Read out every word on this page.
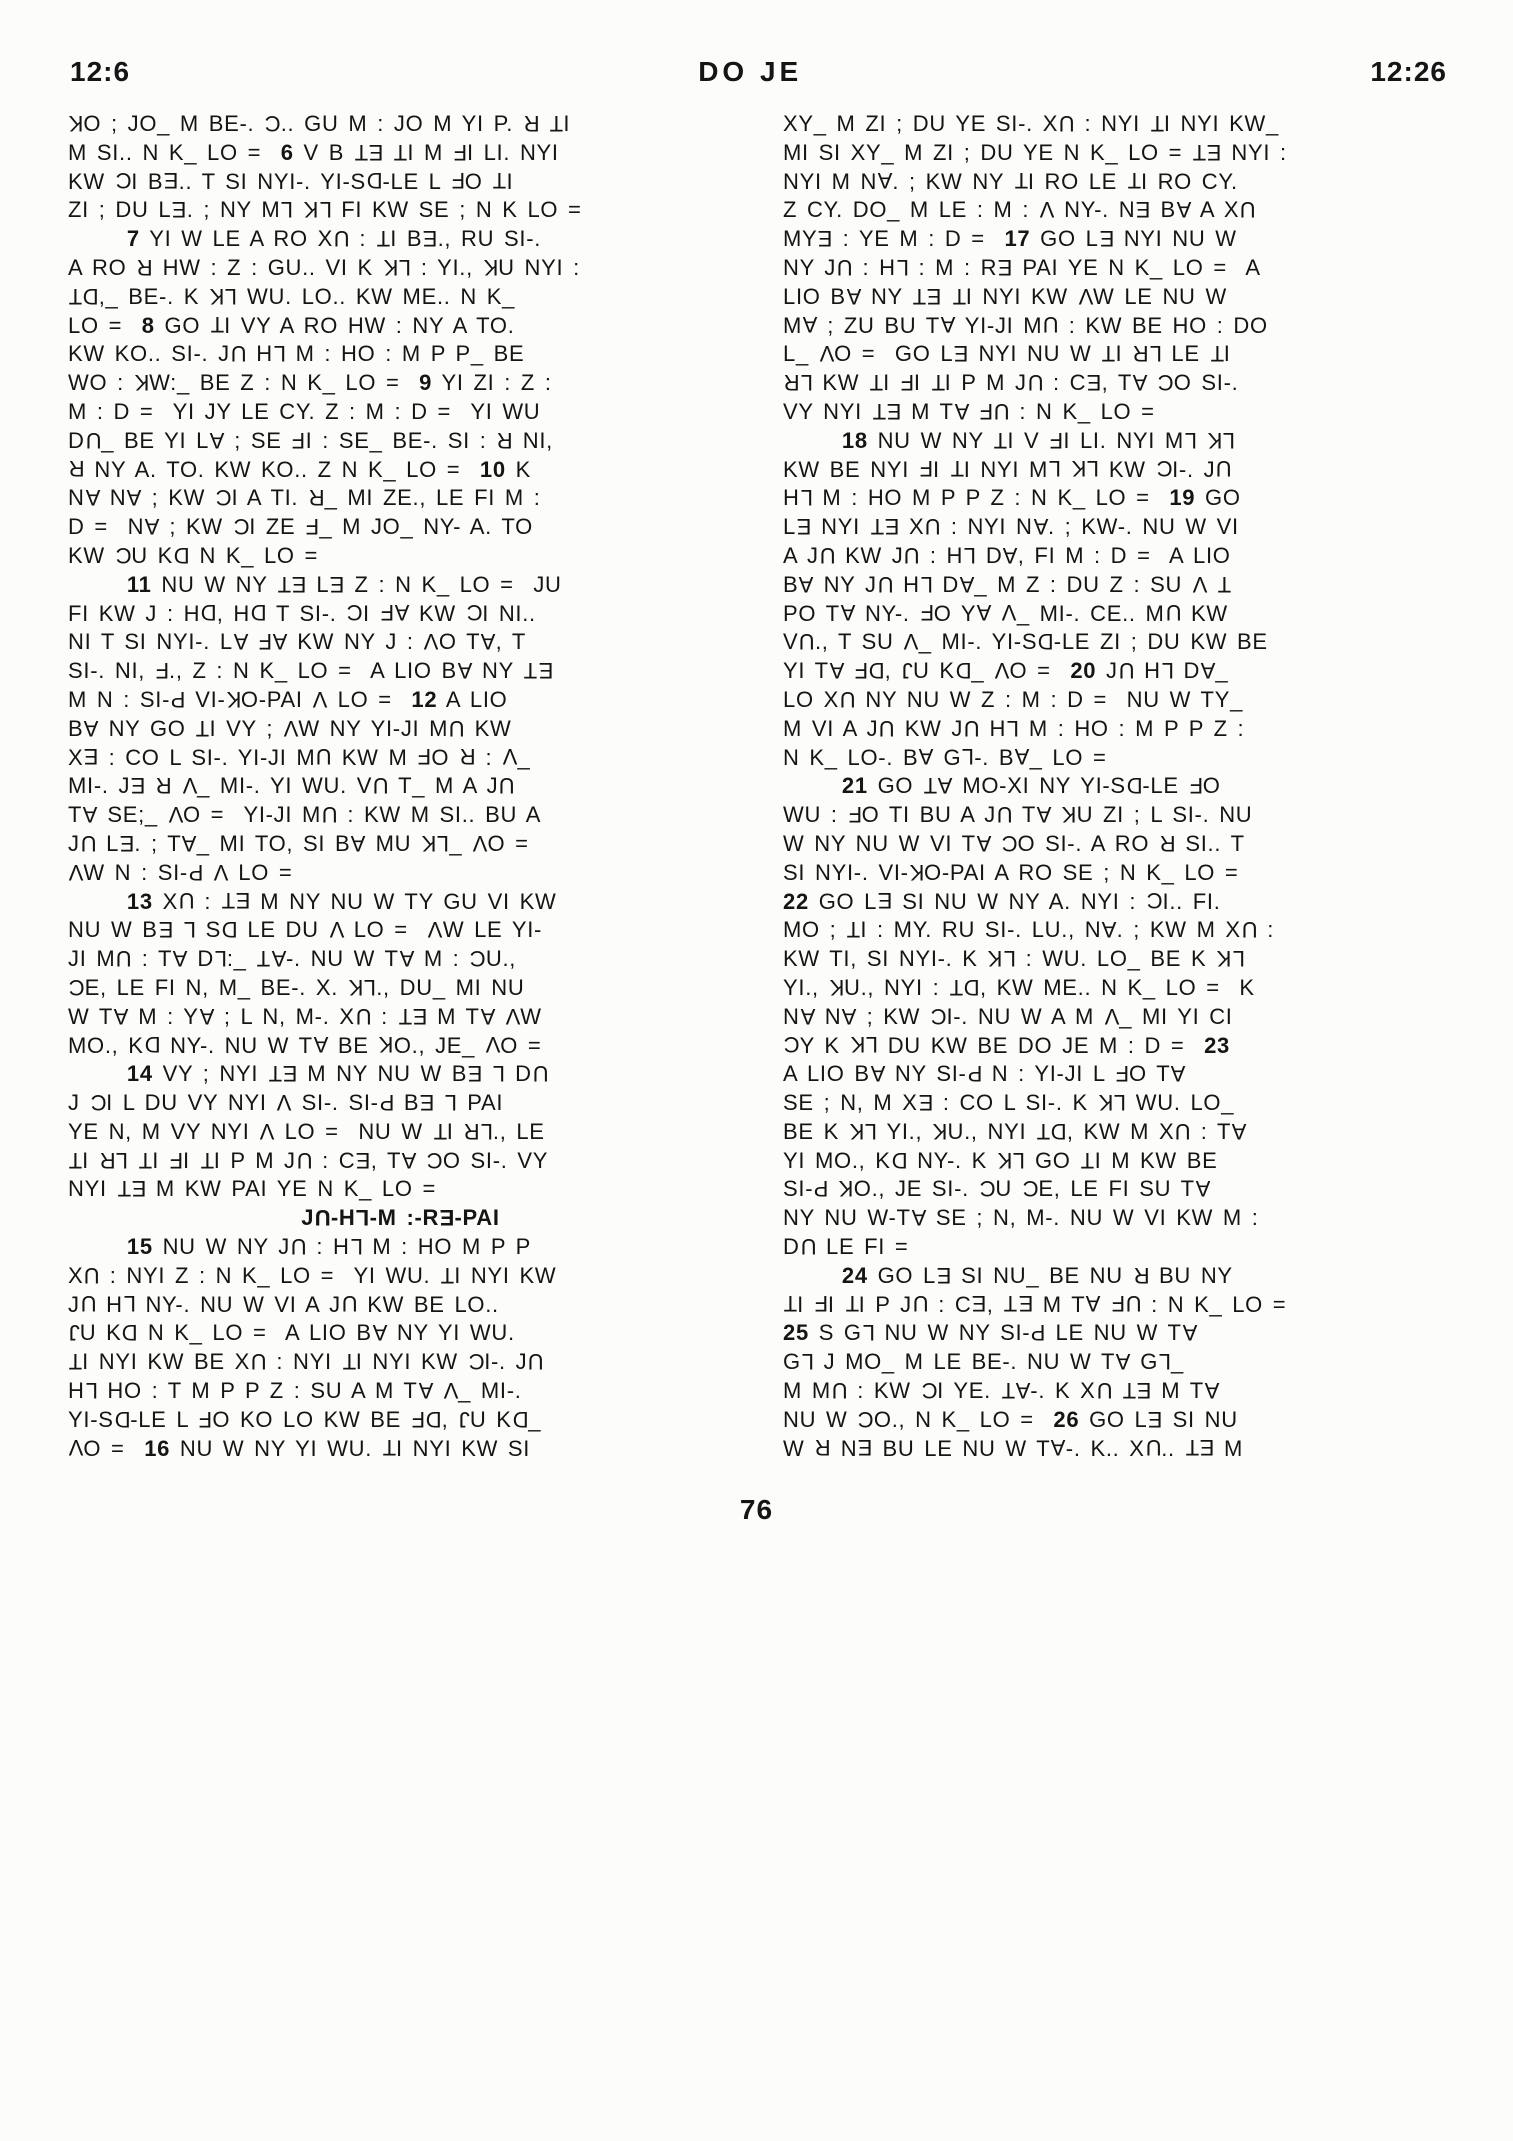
12:6	DO JE	12:26
KO ; JO_ M BE-. C.. GU M : JO M YI P. R TI
M SI.. N K_ LO = 6 V B TE TI M FI LI. NYI
KW CI BE.. T SI NYI-. YI-SD-LE L FO TI
ZI ; DU LE. ; NY ML KL FI KW SE ; N K LO =
7 YI W LE A RO XU : TI BE., RU SI-.
A RO R HW : Z : GU.. VI K KL : YI., KU NYI :
TD,_ BE-. K KL WU. LO.. KW ME.. N K_
LO = 8 GO TI VY A RO HW : NY A TO.
KW KO.. SI-. JU HL M : HO : M P P_ BE
WO : KW:_ BE Z : N K_ LO = 9 YI ZI : Z :
M : D = YI JY LE CY. Z : M : D = YI WU
DU_ BE YI LA ; SE FI : SE_ BE-. SI : R NI,
R NY A. TO. KW KO.. Z N K_ LO = 10 K
NA NA ; KW CI A TI. R_ MI ZE., LE FI M :
D = NA ; KW CI ZE F_ M JO_ NY- A. TO
KW CU KD N K_ LO =
11 NU W NY TE LE Z : N K_ LO = JU
FI KW J : HD, HD T SI-. CI FA KW CI NI..
NI T SI NYI-. LA FA KW NY J : VO TA, T
SI-. NI, F., Z : N K_ LO = A LIO BA NY TE
M N : SI-P VI-KO-PAI V LO = 12 A LIO
BA NY GO TI VY ; VW NY YI-JI MU KW
XE : CO L SI-. YI-JI MU KW M FO R : V_
MI-. JE R V_ MI-. YI WU. VU T_ M A JU
TA SE;_ VO = YI-JI MU : KW M SI.. BU A
JU LE. ; TA_ MI TO, SI BA MU KL_ VO =
VW N : SI-P V LO =
13 XU : TE M NY NU W TY GU VI KW
NU W BE L SD LE DU V LO = VW LE YI-
JI MU : TA DL:_ TA-. NU W TA M : CU.,
CE, LE FI N, M_ BE-. X. KL., DU_ MI NU
W TA M : YA ; L N, M-. XU : TE M TA VW
MO., KD NY-. NU W TA BE KO., JE_ VO =
14 VY ; NYI TE M NY NU W BE L DU
J CI L DU VY NYI V SI-. SI-P BE L PAI
YE N, M VY NYI V LO = NU W TI RL., LE
TI RL TI FI TI P M JU : CE, TA CO SI-. VY
NYI TE M KW PAI YE N K_ LO =
JU-HL-M :-RE-PAI
15 NU W NY JU : HL M : HO M P P
XU : NYI Z : N K_ LO = YI WU. TI NYI KW
JU HL NY-. NU W VI A JU KW BE LO..
JU KD N K_ LO = A LIO BA NY YI WU.
TI NYI KW BE XU : NYI TI NYI KW CI-. JU
HL HO : T M P P Z : SU A M TA V_ MI-.
YI-SD-LE L FO KO LO KW BE FD, JU KD_
VO = 16 NU W NY YI WU. TI NYI KW SI
XY_ M ZI ; DU YE SI-. XU : NYI TI NYI KW_
MI SI XY_ M ZI ; DU YE N K_ LO = TE NYI :
NYI M NA. ; KW NY TI RO LE TI RO CY.
Z CY. DO_ M LE : M : V NY-. NE BA A XU
MYE : YE M : D = 17 GO LE NYI NU W
NY JU : HL : M : RE PAI YE N K_ LO = A
LIO BA NY TE TI NYI KW VW LE NU W
MA ; ZU BU TA YI-JI MU : KW BE HO : DO
L_ VO = GO LE NYI NU W TI RL LE TI
RL KW TI FI TI P M JU : CE, TA CO SI-.
VY NYI TE M TA FU : N K_ LO =
18 NU W NY TI V FI LI. NYI ML KL
KW BE NYI FI TI NYI ML KL KW CI-. JU
HL M : HO M P P Z : N K_ LO = 19 GO
LE NYI TE XU : NYI NA. ; KW-. NU W VI
A JU KW JU : HL DA, FI M : D = A LIO
BA NY JU HL DA_ M Z : DU Z : SU V T
PO TA NY-. FO YA V_ MI-. CE.. MU KW
VU., T SU V_ MI-. YI-SD-LE ZI ; DU KW BE
YI TA FD, JU KD_ VO = 20 JU HL DA_
LO XU NY NU W Z : M : D = NU W TY_
M VI A JU KW JU HL M : HO : M P P Z :
N K_ LO-. BA GL-. BA_ LO =
21 GO TA MO-XI NY YI-SD-LE FO
WU : FO TI BU A JU TA KU ZI ; L SI-. NU
W NY NU W VI TA CO SI-. A RO R SI.. T
SI NYI-. VI-KO-PAI A RO SE ; N K_ LO =
22 GO LE SI NU W NY A. NYI : CI.. FI.
MO ; TI : MY. RU SI-. LU., NA. ; KW M XU :
KW TI, SI NYI-. K KL : WU. LO_ BE K KL
YI., KU., NYI : TD, KW ME.. N K_ LO = K
NA NA ; KW CI-. NU W A M V_ MI YI CI
CY K KL DU KW BE DO JE M : D = 23
A LIO BA NY SI-P N : YI-JI L FO TA
SE ; N, M XE : CO L SI-. K KL WU. LO_
BE K KL YI., KU., NYI TD, KW M XU : TA
YI MO., KD NY-. K KL GO TI M KW BE
SI-P KO., JE SI-. CU CE, LE FI SU TA
NY NU W-TA SE ; N, M-. NU W VI KW M :
DU LE FI =
24 GO LE SI NU_ BE NU R BU NY
TI FI TI P JU : CE, TE M TA FU : N K_ LO =
25 S GL NU W NY SI-P LE NU W TA
GL J MO_ M LE BE-. NU W TA GL_
M MU : KW CI YE. TA-. K XU TE M TA
NU W CO., N K_ LO = 26 GO LE SI NU
W R NE BU LE NU W TA-. K.. XU.. TE M
76
